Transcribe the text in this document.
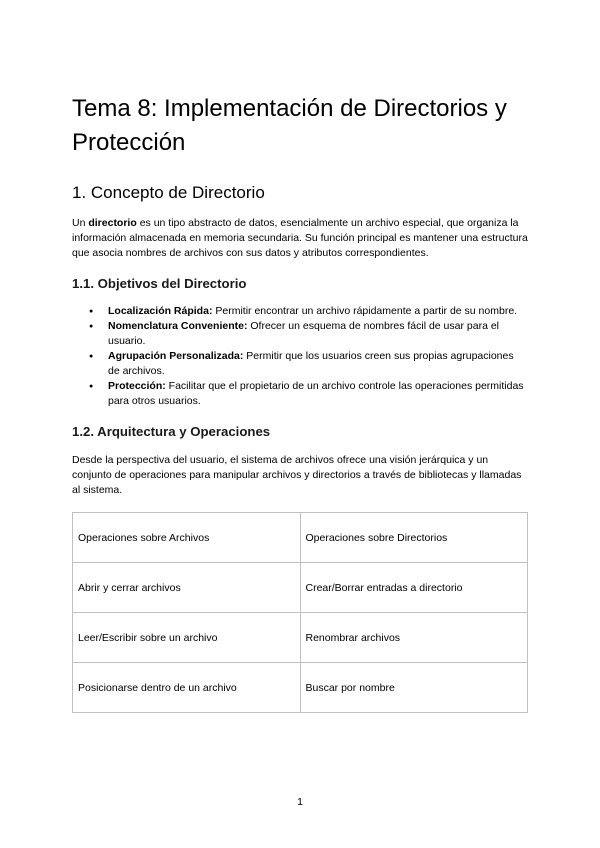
Tema 8: Implementación de Directorios y Protección
1. Concepto de Directorio

Un directorio es un tipo abstracto de datos, esencialmente un archivo especial, que organiza la información almacenada en memoria secundaria. Su función principal es mantener una estructura que asocia nombres de archivos con sus datos y atributos correspondientes.

1.1. Objetivos del Directorio
● Localización Rápida: Permitir encontrar un archivo rápidamente a partir de su nombre.
● Nomenclatura Conveniente: Ofrecer un esquema de nombres fácil de usar para el usuario.
● Agrupación Personalizada: Permitir que los usuarios creen sus propias agrupaciones de archivos.
● Protección: Facilitar que el propietario de un archivo controle las operaciones permitidas para otros usuarios.
1.2. Arquitectura y Operaciones

Desde la perspectiva del usuario, el sistema de archivos ofrece una visión jerárquica y un conjunto de operaciones para manipular archivos y directorios a través de bibliotecas y llamadas al sistema.

Operaciones sobre Archivos	Operaciones sobre Directorios
Abrir y cerrar archivos	Crear/Borrar entradas a directorio
Leer/Escribir sobre un archivo	Renombrar archivos
Posicionarse dentro de un archivo	Buscar por nombre
1
